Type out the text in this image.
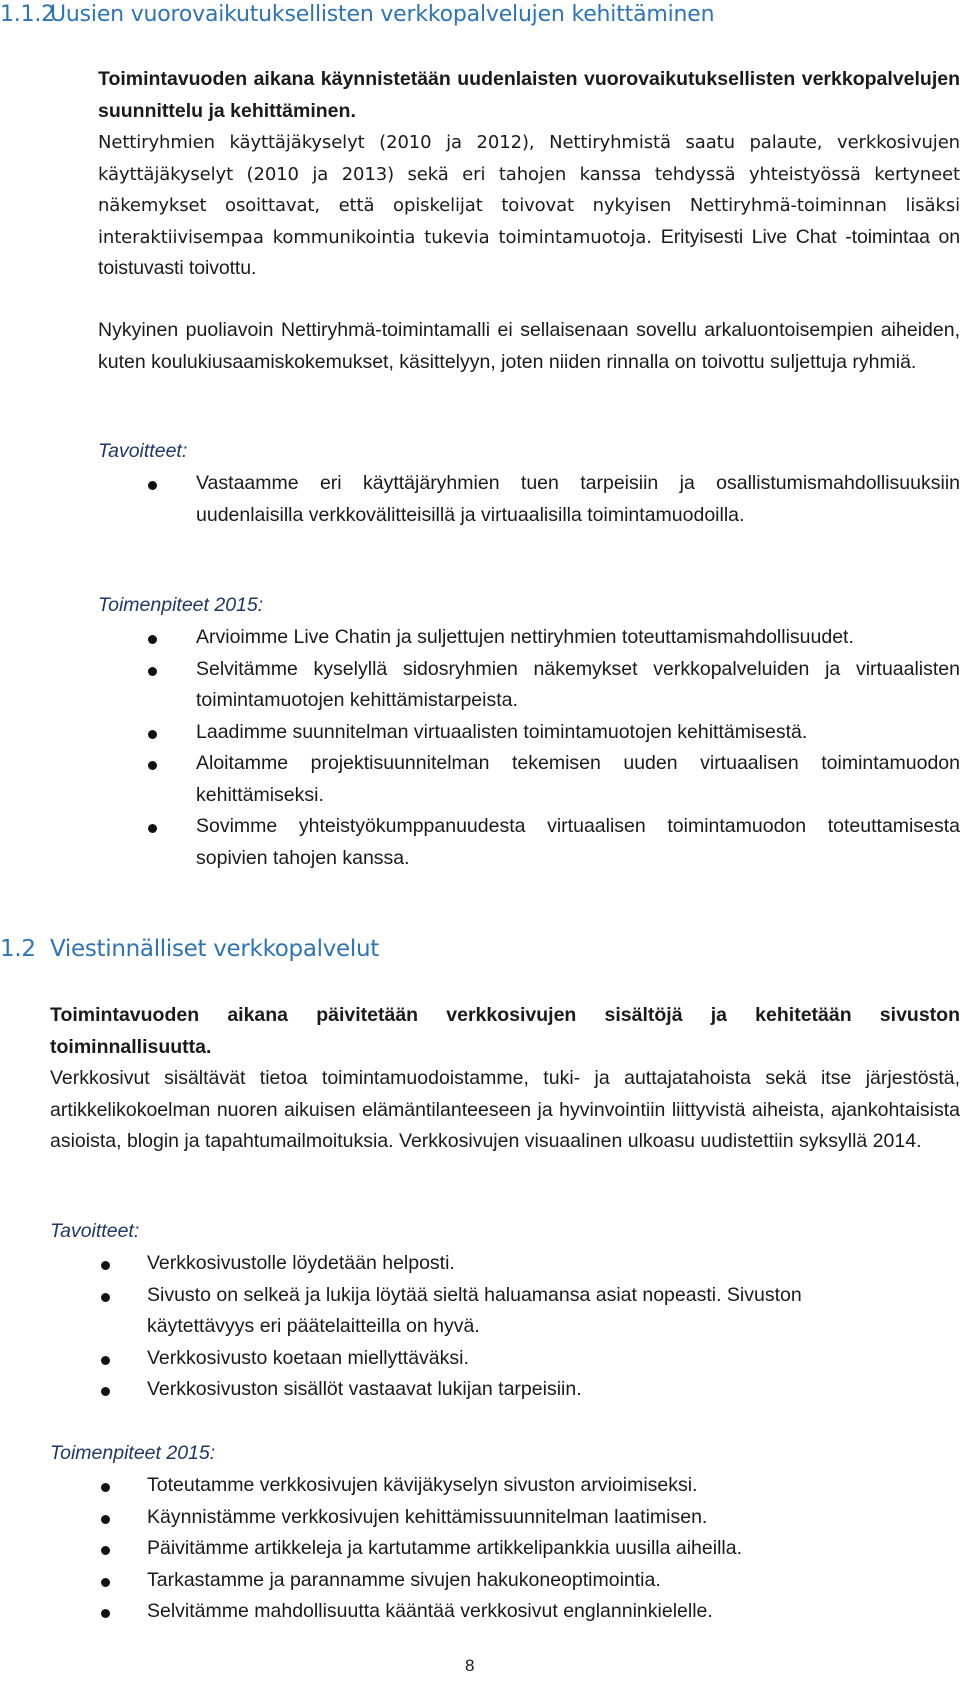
1.1.2Uusien vuorovaikutuksellisten verkkopalvelujen kehittäminen

Toimintavuoden aikana käynnistetään uudenlaisten vuorovaikutuksellisten verkkopalvelujen suunnittelu ja kehittäminen.

Nettiryhmien käyttäjäkyselyt (2010 ja 2012), Nettiryhmistä saatu palaute, verkkosivujen käyttäjäkyselyt (2010 ja 2013) sekä eri tahojen kanssa tehdyssä yhteistyössä kertyneet näkemykset osoittavat, että opiskelijat toivovat nykyisen Nettiryhmä-toiminnan lisäksi interaktiivisempaa kommunikointia tukevia toimintamuotoja. Erityisesti Live Chat -toimintaa on toistuvasti toivottu.

Nykyinen puoliavoin Nettiryhmä-toimintamalli ei sellaisenaan sovellu arkaluontoisempien aiheiden, kuten koulukiusaamiskokemukset, käsittelyyn, joten niiden rinnalla on toivottu suljettuja ryhmiä.

Tavoitteet:

Vastaamme eri käyttäjäryhmien tuen tarpeisiin ja osallistumismahdollisuuksiin uudenlaisilla verkkovälitteisillä ja virtuaalisilla toimintamuodoilla.

Toimenpiteet 2015:

Arvioimme Live Chatin ja suljettujen nettiryhmien toteuttamismahdollisuudet.
Selvitämme kyselyllä sidosryhmien näkemykset verkkopalveluiden ja virtuaalisten toimintamuotojen kehittämistarpeista.
Laadimme suunnitelman virtuaalisten toimintamuotojen kehittämisestä.
Aloitamme projektisuunnitelman tekemisen uuden virtuaalisen toimintamuodon kehittämiseksi.
Sovimme yhteistyökumppanuudesta virtuaalisen toimintamuodon toteuttamisesta sopivien tahojen kanssa.
1.2 Viestinnälliset verkkopalvelut

Toimintavuoden aikana päivitetään verkkosivujen sisältöjä ja kehitetään sivuston toiminnallisuutta.

Verkkosivut sisältävät tietoa toimintamuodoistamme, tuki- ja auttajatahoista sekä itse järjestöstä, artikkelikokoelman nuoren aikuisen elämäntilanteeseen ja hyvinvointiin liittyvistä aiheista, ajankohtaisista asioista, blogin ja tapahtumailmoituksia. Verkkosivujen visuaalinen ulkoasu uudistettiin syksyllä 2014.

Tavoitteet:

Verkkosivustolle löydetään helposti.
Sivusto on selkeä ja lukija löytää sieltä haluamansa asiat nopeasti. Sivuston käytettävyys eri päätelaitteilla on hyvä.
Verkkosivusto koetaan miellyttäväksi.
Verkkosivuston sisällöt vastaavat lukijan tarpeisiin.

Toimenpiteet 2015:

Toteutamme verkkosivujen kävijäkyselyn sivuston arvioimiseksi.
Käynnistämme verkkosivujen kehittämissuunnitelman laatimisen.
Päivitämme artikkeleja ja kartutamme artikkelipankkia uusilla aiheilla.
Tarkastamme ja parannamme sivujen hakukoneoptimointia.
Selvitämme mahdollisuutta kääntää verkkosivut englanninkielelle.
8
